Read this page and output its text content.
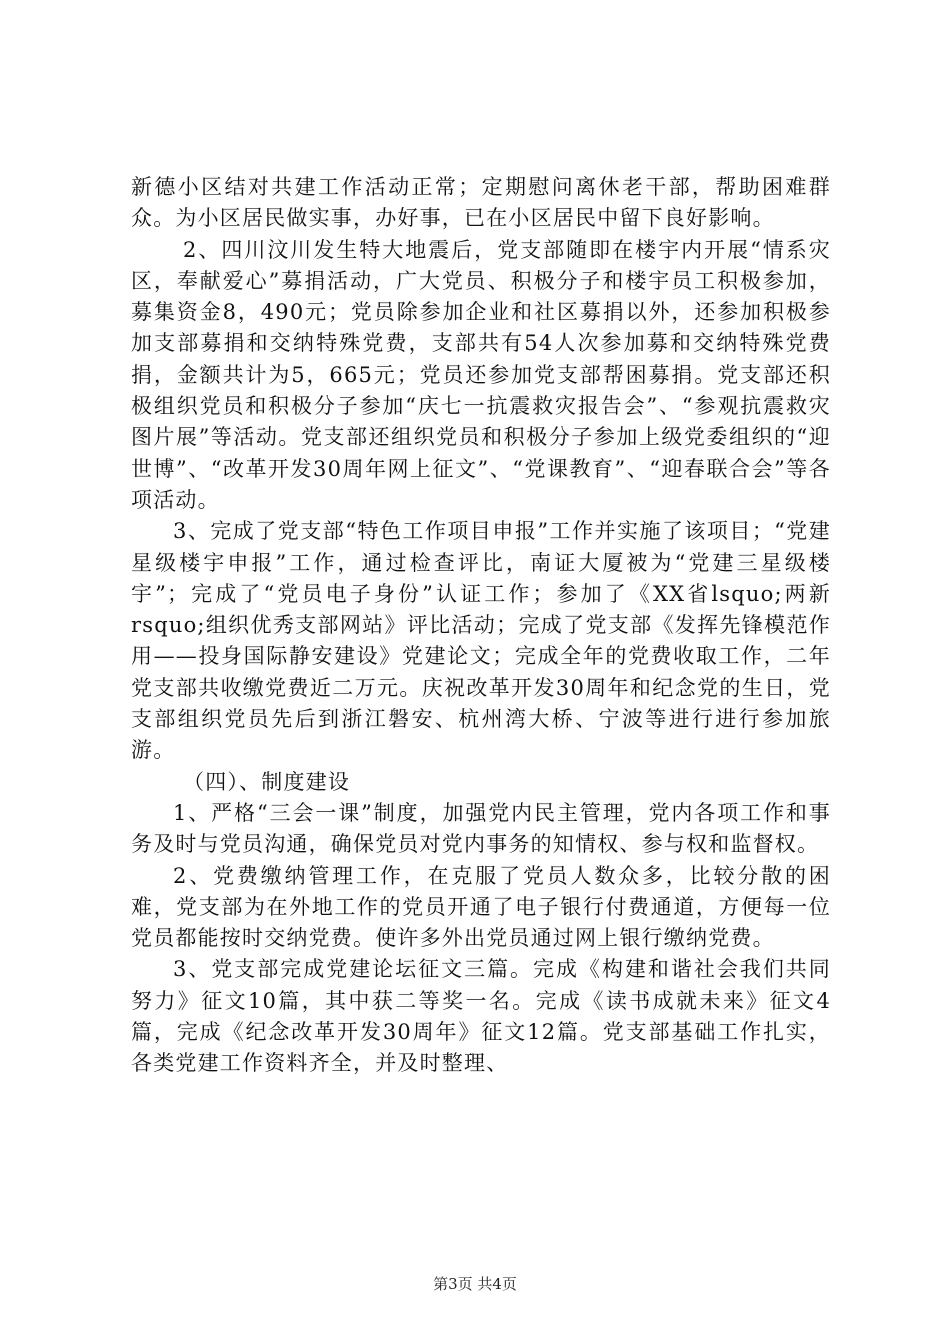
新德小区结对共建工作活动正常；定期慰问离休老干部，帮助困难群众。为小区居民做实事，办好事，已在小区居民中留下良好影响。

2、四川汶川发生特大地震后，党支部随即在楼宇内开展“情系灾区，奉献爱心”募捐活动，广大党员、积极分子和楼宇员工积极参加，募集资金8，490元；党员除参加企业和社区募捐以外，还参加积极参加支部募捐和交纳特殊党费，支部共有54人次参加募和交纳特殊党费捐，金额共计为5，665元；党员还参加党支部帮困募捐。党支部还积极组织党员和积极分子参加“庆七一抗震救灾报告会”、“参观抗震救灾图片展”等活动。党支部还组织党员和积极分子参加上级党委组织的“迎世博”、“改革开发30周年网上征文”、“党课教育”、“迎春联合会”等各项活动。

3、完成了党支部“特色工作项目申报”工作并实施了该项目；“党建星级楼宇申报”工作，通过检查评比，南证大厦被为“党建三星级楼宇”；完成了“党员电子身份”认证工作；参加了《XX省lsquo;两新rsquo;组织优秀支部网站》评比活动；完成了党支部《发挥先锋模范作用——投身国际静安建设》党建论文；完成全年的党费收取工作，二年党支部共收缴党费近二万元。庆祝改革开发30周年和纪念党的生日，党支部组织党员先后到浙江磐安、杭州湾大桥、宁波等进行进行参加旅游。

（四）、制度建设

1、严格“三会一课”制度，加强党内民主管理，党内各项工作和事务及时与党员沟通，确保党员对党内事务的知情权、参与权和监督权。

2、党费缴纳管理工作，在克服了党员人数众多，比较分散的困难，党支部为在外地工作的党员开通了电子银行付费通道，方便每一位党员都能按时交纳党费。使许多外出党员通过网上银行缴纳党费。

3、党支部完成党建论坛征文三篇。完成《构建和谐社会我们共同努力》征文10篇，其中获二等奖一名。完成《读书成就未来》征文4篇，完成《纪念改革开发30周年》征文12篇。党支部基础工作扎实，各类党建工作资料齐全，并及时整理、

第3页 共4页
